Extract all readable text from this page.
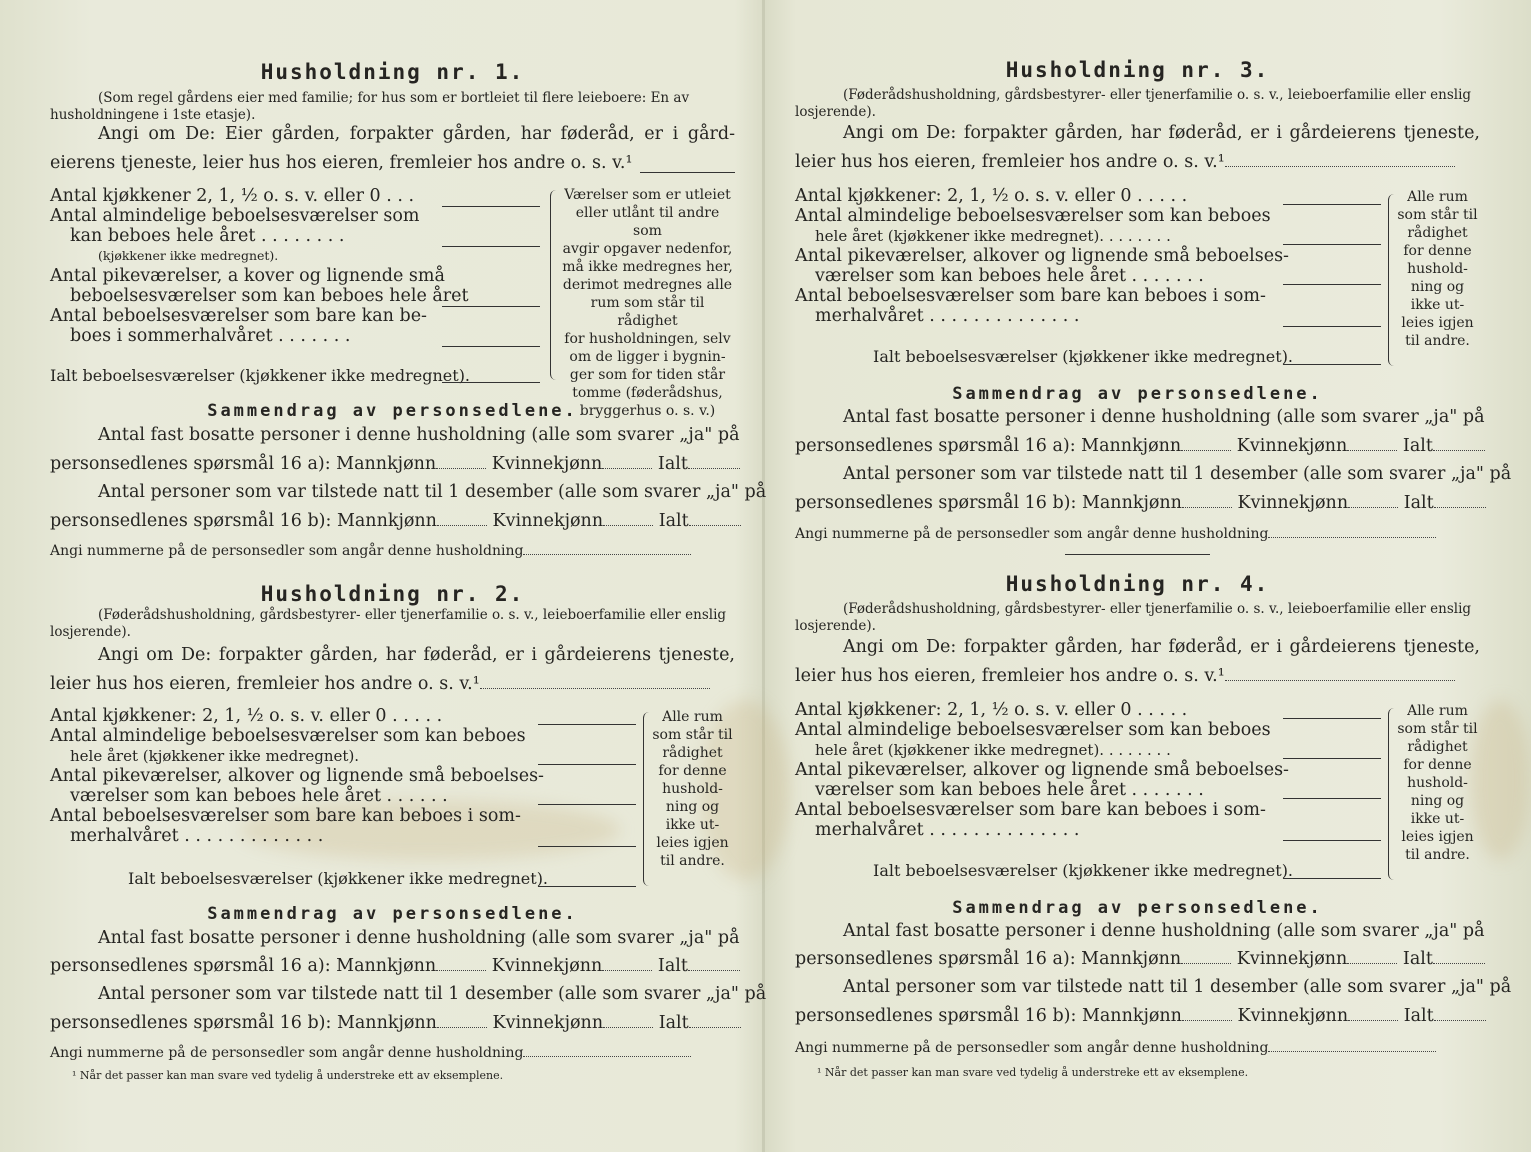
Husholdning nr. 1.
(Som regel gårdens eier med familie; for hus som er bortleiet til flere leieboere: En av husholdningene i 1ste etasje).
Angi om De: Eier gården, forpakter gården, har føderåd, er i gård-
eierens tjeneste, leier hus hos eieren, fremleier hos andre o. s. v.¹
Antal kjøkkener 2, 1, ½ o. s. v. eller 0 . . .
Antal almindelige beboelsesværelser som
kan beboes hele året . . . . . . . .
(kjøkkener ikke medregnet).
Antal pikeværelser, a kover og lignende små
beboelsesværelser som kan beboes hele året
Antal beboelsesværelser som bare kan be-
boes i sommerhalvåret . . . . . . .
Ialt beboelsesværelser (kjøkkener ikke medregnet).
Værelser som er utleiet
eller utlånt til andre som
avgir opgaver nedenfor,
må ikke medregnes her,
derimot medregnes alle
rum som står til rådighet
for husholdningen, selv
om de ligger i bygnin-
ger som for tiden står
tomme (føderådshus,
bryggerhus o. s. v.)
Sammendrag av personsedlene.
Antal fast bosatte personer i denne husholdning (alle som svarer „ja" på
personsedlenes spørsmål 16 a): Mannkjønn	Kvinnekjønn	Ialt
Antal personer som var tilstede natt til 1 desember (alle som svarer „ja" på
personsedlenes spørsmål 16 b): Mannkjønn	Kvinnekjønn	Ialt
Angi nummerne på de personsedler som angår denne husholdning
Husholdning nr. 2.
(Føderådshusholdning, gårdsbestyrer- eller tjenerfamilie o. s. v., leieboerfamilie eller enslig losjerende).
Angi om De: forpakter gården, har føderåd, er i gårdeierens tjeneste,
leier hus hos eieren, fremleier hos andre o. s. v.¹
Antal kjøkkener: 2, 1, ½ o. s. v. eller 0 . . . . .
Antal almindelige beboelsesværelser som kan beboes
hele året (kjøkkener ikke medregnet).
Antal pikeværelser, alkover og lignende små beboelses-
værelser som kan beboes hele året . . . . . .
Antal beboelsesværelser som bare kan beboes i som-
merhalvåret . . . . . . . . . . . . .
Ialt beboelsesværelser (kjøkkener ikke medregnet).
Alle rum
som står til
rådighet
for denne
hushold-
ning og
ikke ut-
leies igjen
til andre.
Sammendrag av personsedlene.
Antal fast bosatte personer i denne husholdning (alle som svarer „ja" på
personsedlenes spørsmål 16 a): Mannkjønn	Kvinnekjønn	Ialt
Antal personer som var tilstede natt til 1 desember (alle som svarer „ja" på
personsedlenes spørsmål 16 b): Mannkjønn	Kvinnekjønn	Ialt
Angi nummerne på de personsedler som angår denne husholdning
¹ Når det passer kan man svare ved tydelig å understreke ett av eksemplene.
Husholdning nr. 3.
(Føderådshusholdning, gårdsbestyrer- eller tjenerfamilie o. s. v., leieboerfamilie eller enslig losjerende).
Angi om De: forpakter gården, har føderåd, er i gårdeierens tjeneste,
leier hus hos eieren, fremleier hos andre o. s. v.¹
Antal kjøkkener: 2, 1, ½ o. s. v. eller 0 . . . . .
Antal almindelige beboelsesværelser som kan beboes
hele året (kjøkkener ikke medregnet). . . . . . . .
Antal pikeværelser, alkover og lignende små beboelses-
værelser som kan beboes hele året . . . . . . .
Antal beboelsesværelser som bare kan beboes i som-
merhalvåret . . . . . . . . . . . . . .
Ialt beboelsesværelser (kjøkkener ikke medregnet).
Alle rum
som står til
rådighet
for denne
hushold-
ning og
ikke ut-
leies igjen
til andre.
Sammendrag av personsedlene.
Antal fast bosatte personer i denne husholdning (alle som svarer „ja" på
personsedlenes spørsmål 16 a): Mannkjønn	Kvinnekjønn	Ialt
Antal personer som var tilstede natt til 1 desember (alle som svarer „ja" på
personsedlenes spørsmål 16 b): Mannkjønn	Kvinnekjønn	Ialt
Angi nummerne på de personsedler som angår denne husholdning
Husholdning nr. 4.
(Føderådshusholdning, gårdsbestyrer- eller tjenerfamilie o. s. v., leieboerfamilie eller enslig losjerende).
Angi om De: forpakter gården, har føderåd, er i gårdeierens tjeneste,
leier hus hos eieren, fremleier hos andre o. s. v.¹
Antal kjøkkener: 2, 1, ½ o. s. v. eller 0 . . . . .
Antal almindelige beboelsesværelser som kan beboes
hele året (kjøkkener ikke medregnet). . . . . . . .
Antal pikeværelser, alkover og lignende små beboelses-
værelser som kan beboes hele året . . . . . . .
Antal beboelsesværelser som bare kan beboes i som-
merhalvåret . . . . . . . . . . . . . .
Ialt beboelsesværelser (kjøkkener ikke medregnet).
Alle rum
som står til
rådighet
for denne
hushold-
ning og
ikke ut-
leies igjen
til andre.
Sammendrag av personsedlene.
Antal fast bosatte personer i denne husholdning (alle som svarer „ja" på
personsedlenes spørsmål 16 a): Mannkjønn	Kvinnekjønn	Ialt
Antal personer som var tilstede natt til 1 desember (alle som svarer „ja" på
personsedlenes spørsmål 16 b): Mannkjønn	Kvinnekjønn	Ialt
Angi nummerne på de personsedler som angår denne husholdning
¹ Når det passer kan man svare ved tydelig å understreke ett av eksemplene.
